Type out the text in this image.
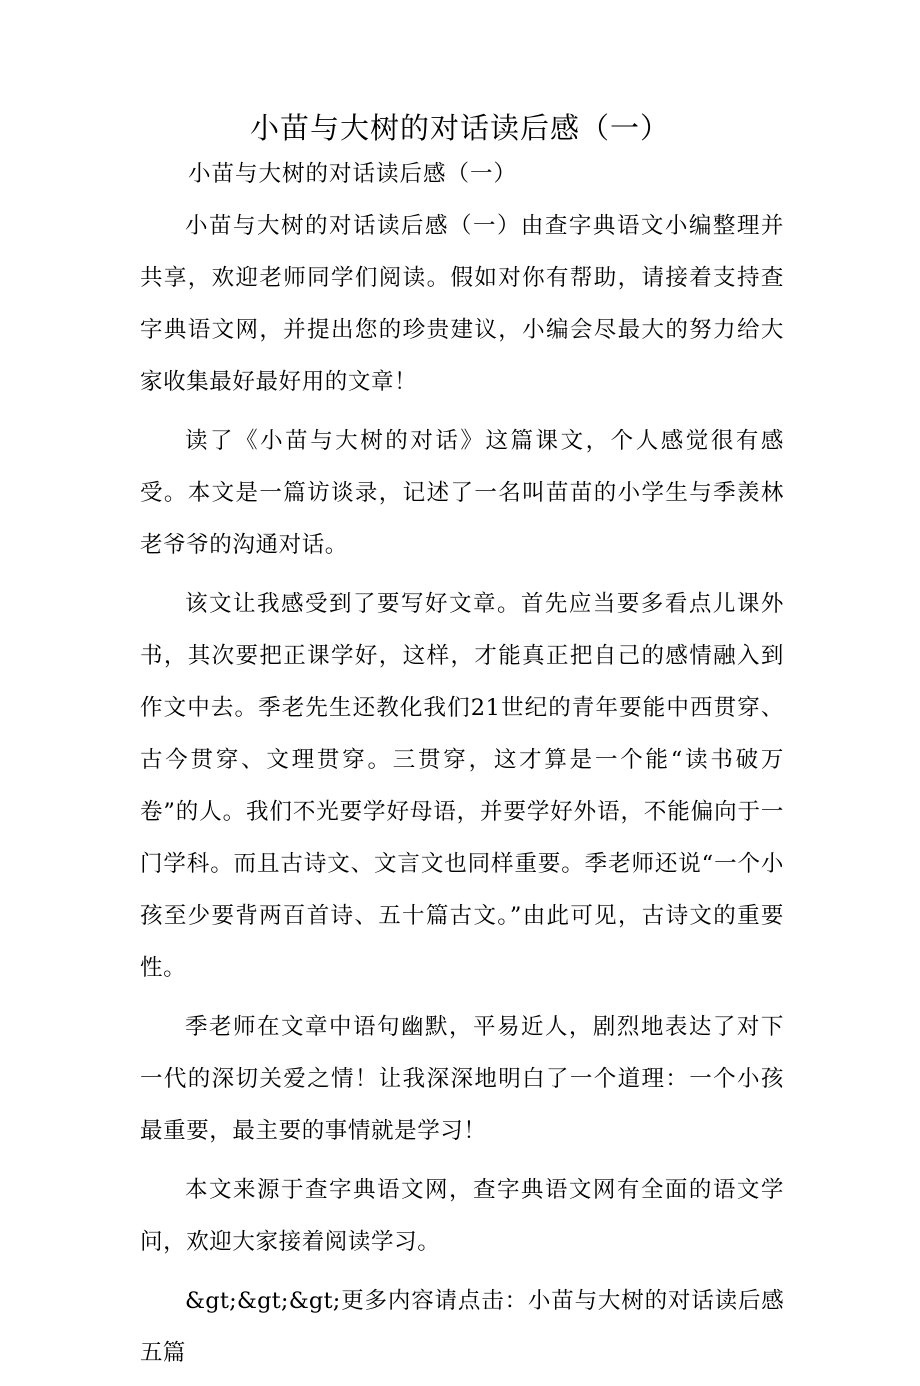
小苗与大树的对话读后感（一）
小苗与大树的对话读后感（一）

小苗与大树的对话读后感（一）由查字典语文小编整理并共享，欢迎老师同学们阅读。假如对你有帮助，请接着支持查字典语文网，并提出您的珍贵建议，小编会尽最大的努力给大家收集最好最好用的文章！

读了《小苗与大树的对话》这篇课文，个人感觉很有感受。本文是一篇访谈录，记述了一名叫苗苗的小学生与季羡林老爷爷的沟通对话。

该文让我感受到了要写好文章。首先应当要多看点儿课外书，其次要把正课学好，这样，才能真正把自己的感情融入到作文中去。季老先生还教化我们21世纪的青年要能中西贯穿、古今贯穿、文理贯穿。三贯穿，这才算是一个能“读书破万卷”的人。我们不光要学好母语，并要学好外语，不能偏向于一门学科。而且古诗文、文言文也同样重要。季老师还说“一个小孩至少要背两百首诗、五十篇古文。”由此可见，古诗文的重要性。

季老师在文章中语句幽默，平易近人，剧烈地表达了对下一代的深切关爱之情！让我深深地明白了一个道理：一个小孩最重要，最主要的事情就是学习！

本文来源于查字典语文网，查字典语文网有全面的语文学问，欢迎大家接着阅读学习。

&gt;&gt;&gt;更多内容请点击：小苗与大树的对话读后感五篇
